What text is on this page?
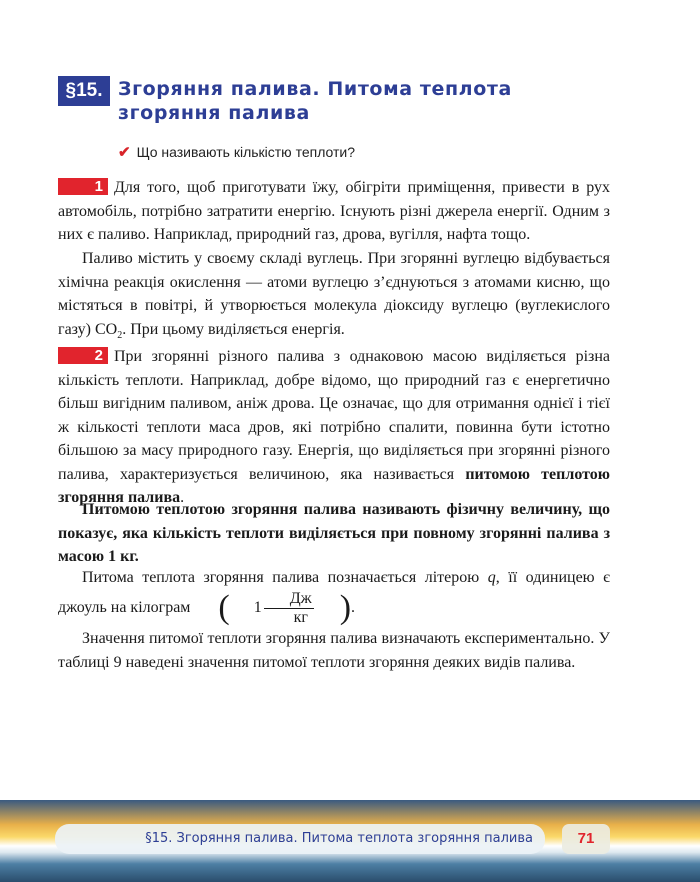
§15. Згоряння палива. Питома теплота
згоряння палива
✔ Що називають кількістю теплоти?

1 Для того, щоб приготувати їжу, обігріти приміщення, привести в рух автомобіль, потрібно затратити енергію. Існують різні джерела енергії. Одним з них є паливо. Наприклад, природний газ, дрова, вугілля, нафта тощо.

Паливо містить у своєму складі вуглець. При згорянні вуглецю відбувається хімічна реакція окислення — атоми вуглецю з’єднуються з атомами кисню, що містяться в повітрі, й утворюється молекула діоксиду вуглецю (вуглекислого газу) $CO_2$. При цьому виділяється енергія.

2 При згорянні різного палива з однаковою масою виділяється різна кількість теплоти. Наприклад, добре відомо, що природний газ є енергетично більш вигідним паливом, аніж дрова. Це означає, що для отримання однієї і тієї ж кількості теплоти маса дров, які потрібно спалити, повинна бути істотно більшою за масу природного газу. Енергія, що виділяється при згорянні різного палива, характеризується величиною, яка називається питомою теплотою згоряння палива.

Питомою теплотою згоряння палива називають фізичну величину, що показує, яка кількість теплоти виділяється при повному згорянні палива з масою 1 кг.

Питома теплота згоряння палива позначається літерою q, її одиницею є джоуль на кілограм (	$1 \frac{Дж}{кг}$ ) .

Значення питомої теплоти згоряння палива визначають експериментально. У таблиці 9 наведені значення питомої теплоти згоряння деяких видів палива.

§15. Згоряння палива. Питома теплота згоряння палива	71
